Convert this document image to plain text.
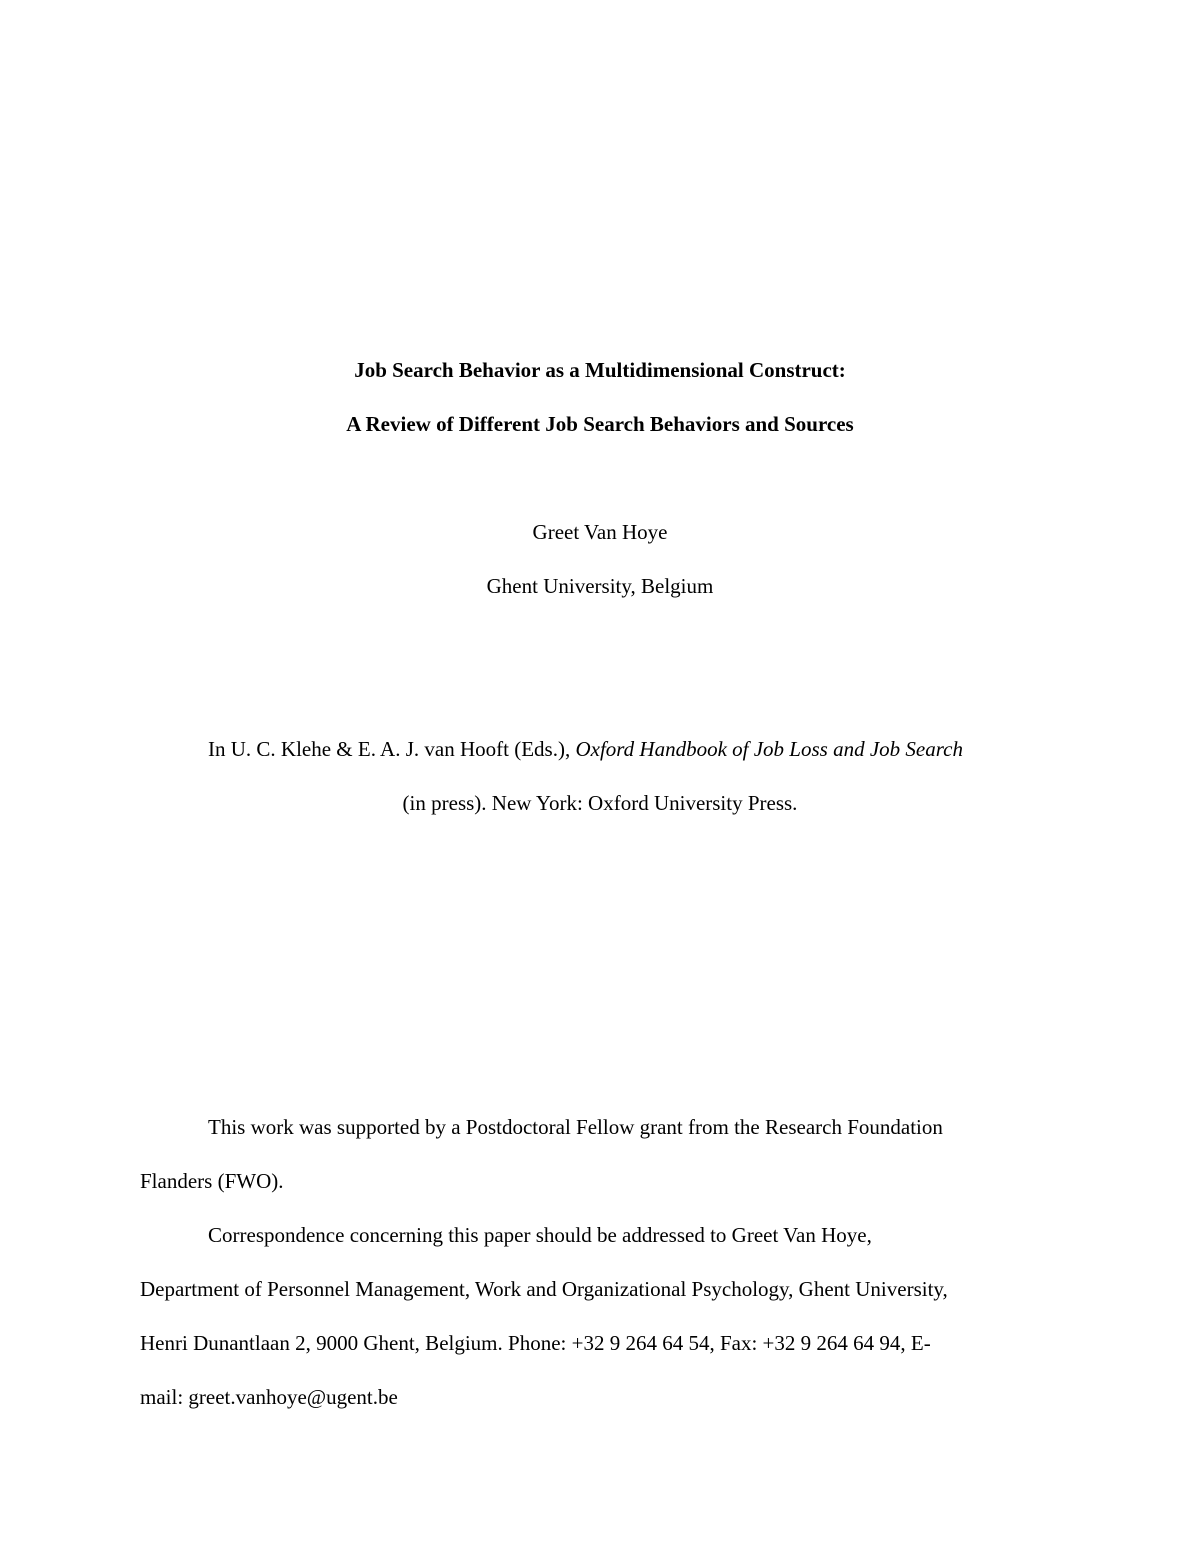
Job Search Behavior as a Multidimensional Construct:
A Review of Different Job Search Behaviors and Sources
Greet Van Hoye
Ghent University, Belgium
In U. C. Klehe & E. A. J. van Hooft (Eds.), Oxford Handbook of Job Loss and Job Search
(in press). New York: Oxford University Press.
This work was supported by a Postdoctoral Fellow grant from the Research Foundation
Flanders (FWO).
Correspondence concerning this paper should be addressed to Greet Van Hoye,
Department of Personnel Management, Work and Organizational Psychology, Ghent University,
Henri Dunantlaan 2, 9000 Ghent, Belgium. Phone: +32 9 264 64 54, Fax: +32 9 264 64 94, E-
mail: greet.vanhoye@ugent.be
